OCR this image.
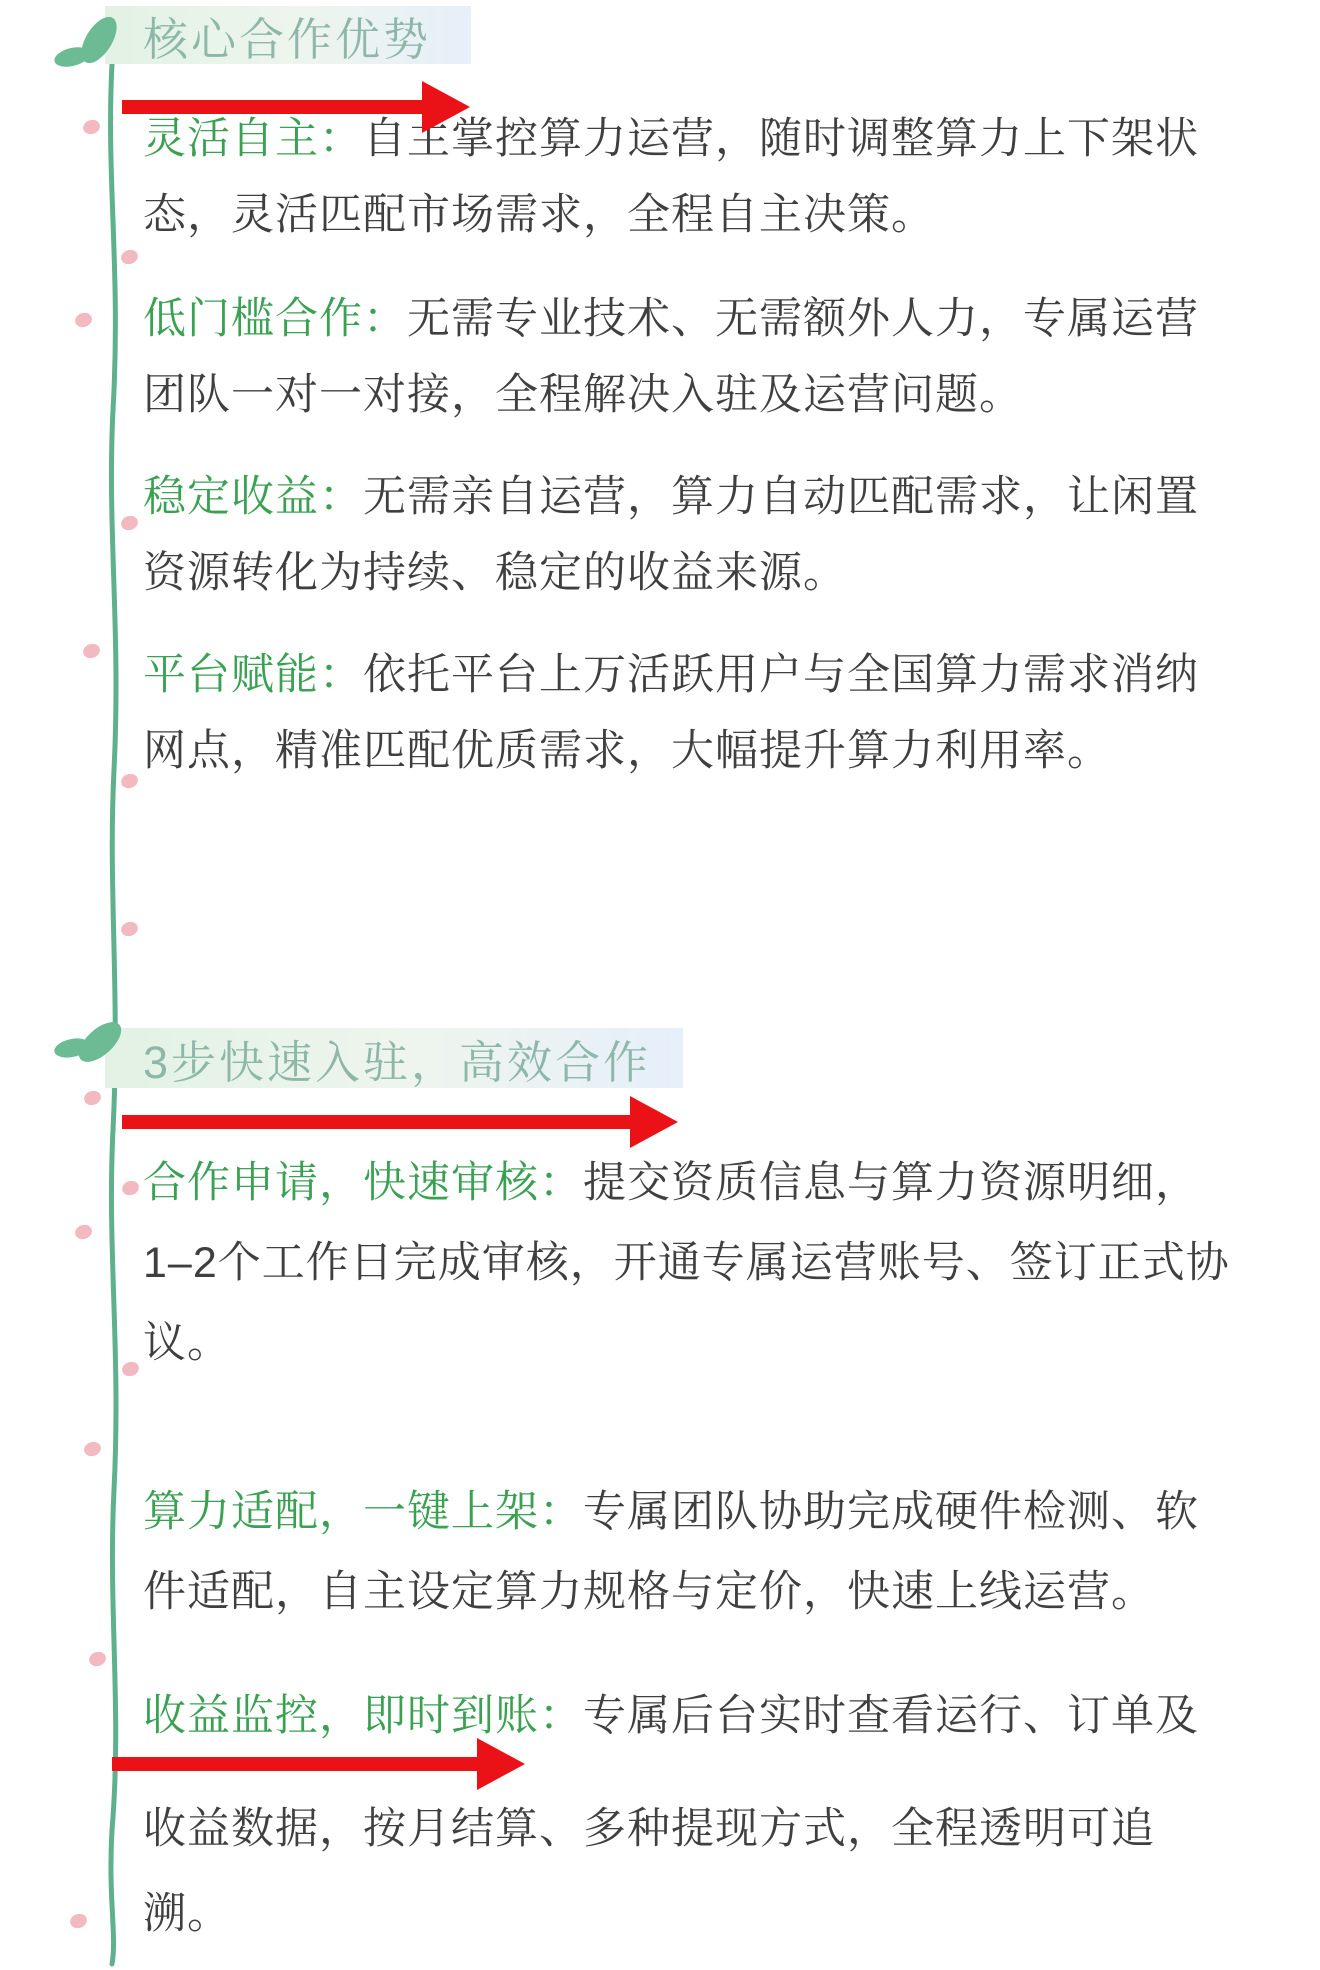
核心合作优势
3步快速入驻，高效合作

灵活自主：自主掌控算力运营，随时调整算力上下架状
态，灵活匹配市场需求，全程自主决策。

低门槛合作：无需专业技术、无需额外人力，专属运营
团队一对一对接，全程解决入驻及运营问题。

稳定收益：无需亲自运营，算力自动匹配需求，让闲置
资源转化为持续、稳定的收益来源。

平台赋能：依托平台上万活跃用户与全国算力需求消纳
网点，精准匹配优质需求，大幅提升算力利用率。

合作申请，快速审核：提交资质信息与算力资源明细，
1–2个工作日完成审核，开通专属运营账号、签订正式协
议。

算力适配，一键上架：专属团队协助完成硬件检测、软
件适配，自主设定算力规格与定价，快速上线运营。

收益监控，即时到账：专属后台实时查看运行、订单及
收益数据，按月结算、多种提现方式，全程透明可追
溯。
